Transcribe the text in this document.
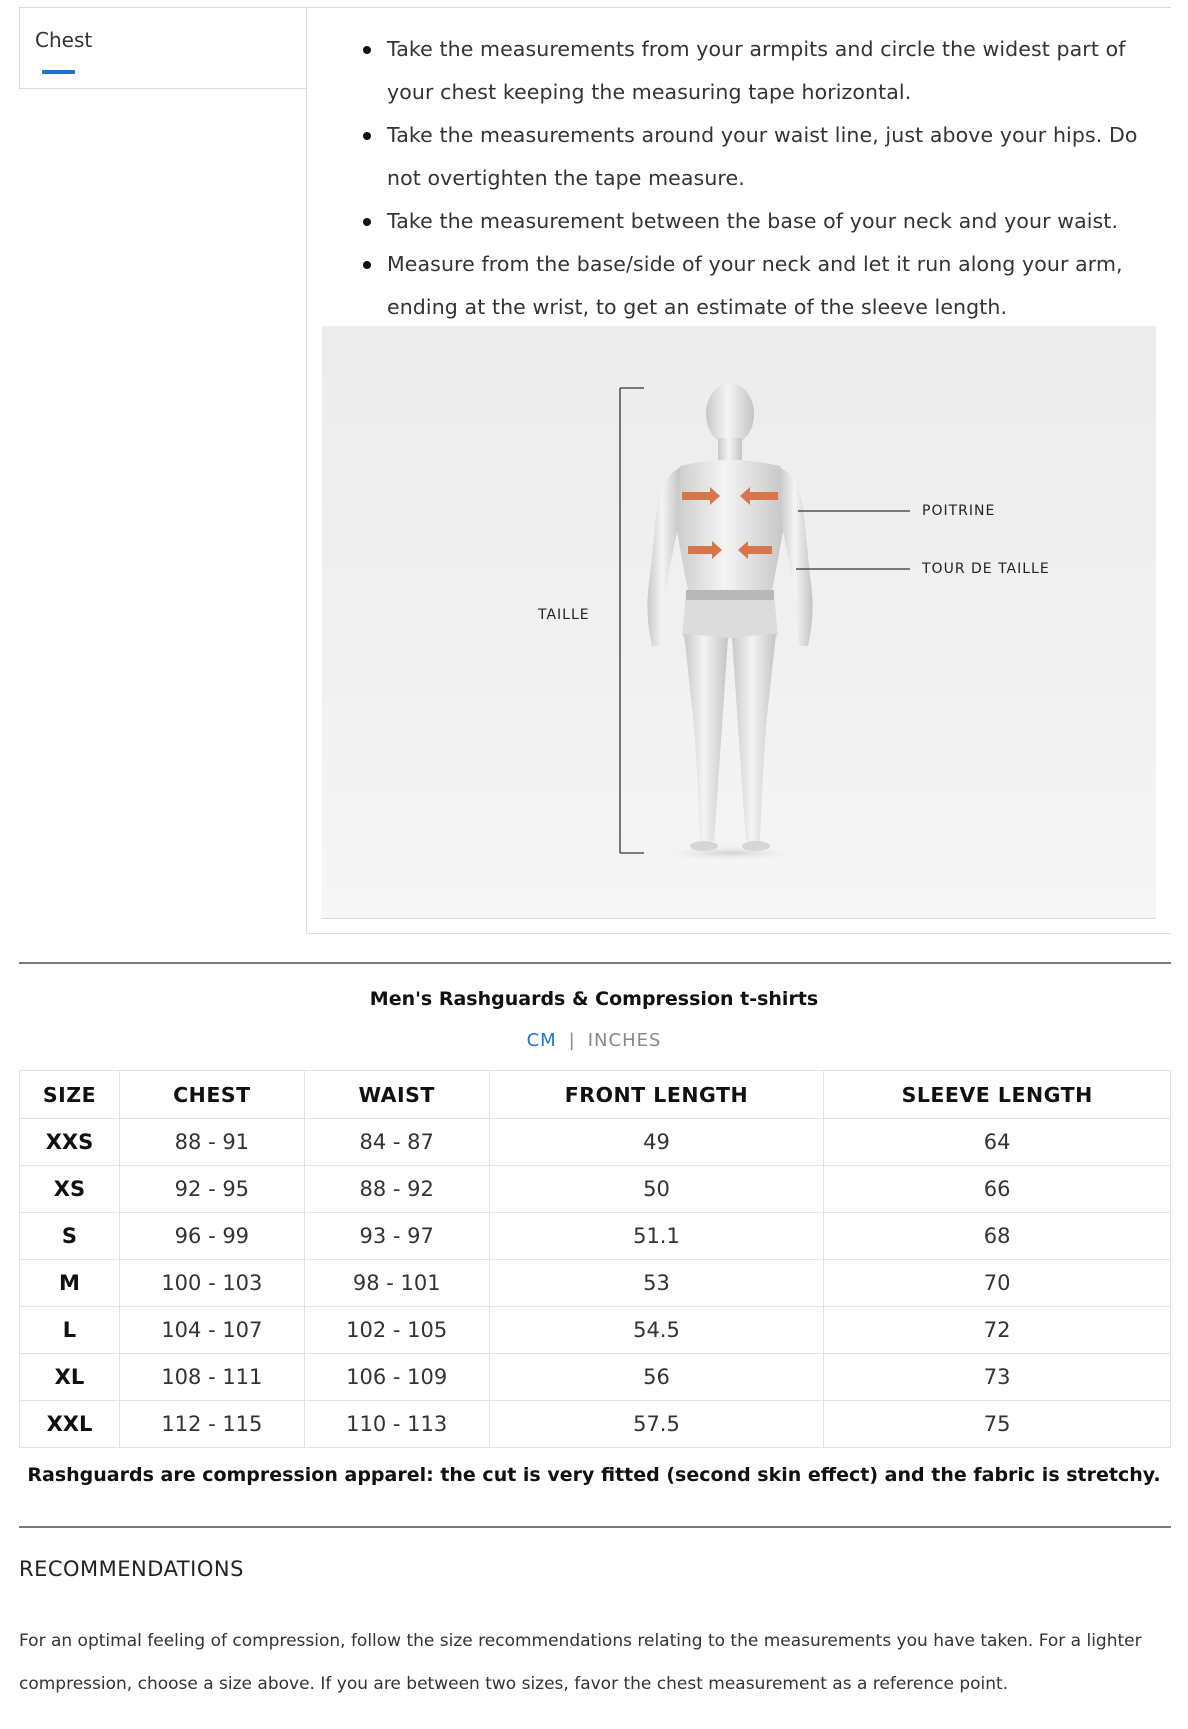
Chest	Take the measurements from your armpits and circle the widest part of your chest keeping the measuring tape horizontal.
Take the measurements around your waist line, just above your hips. Do not overtighten the tape measure.
Take the measurement between the base of your neck and your waist.
Measure from the base/side of your neck and let it run along your arm, ending at the wrist, to get an estimate of the sleeve length.
TAILLE
POITRINE
TOUR DE TAILLE
Men's Rashguards & Compression t-shirts
CM | INCHES
SIZE	CHEST	WAIST	FRONT LENGTH	SLEEVE LENGTH
XXS	88 - 91	84 - 87	49	64
XS	92 - 95	88 - 92	50	66
S	96 - 99	93 - 97	51.1	68
M	100 - 103	98 - 101	53	70
L	104 - 107	102 - 105	54.5	72
XL	108 - 111	106 - 109	56	73
XXL	112 - 115	110 - 113	57.5	75
Rashguards are compression apparel: the cut is very fitted (second skin effect) and the fabric is stretchy.
RECOMMENDATIONS
For an optimal feeling of compression, follow the size recommendations relating to the measurements you have taken. For a lighter compression, choose a size above. If you are between two sizes, favor the chest measurement as a reference point.
